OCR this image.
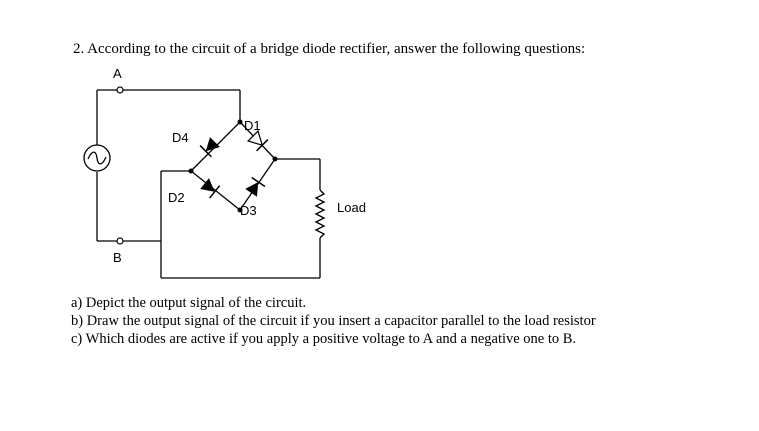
2. According to the circuit of a bridge diode rectifier, answer the following questions:
A
B
D1
D2
D3
D4
Load
a) Depict the output signal of the circuit.
b) Draw the output signal of the circuit if you insert a capacitor parallel to the load resistor
c) Which diodes are active if you apply a positive voltage to A and a negative one to B.
